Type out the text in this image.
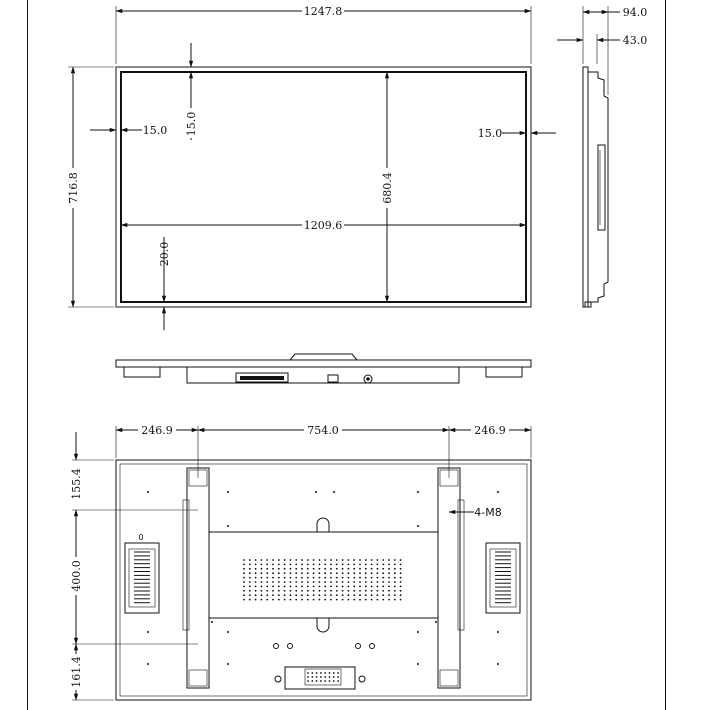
1247.8
716.8
1209.6
680.4
15.0 15.0	15.0
20.0
94.0
43.0
0
246.9	754.0	246.9
155.4
400.0
161.4
4-M8
